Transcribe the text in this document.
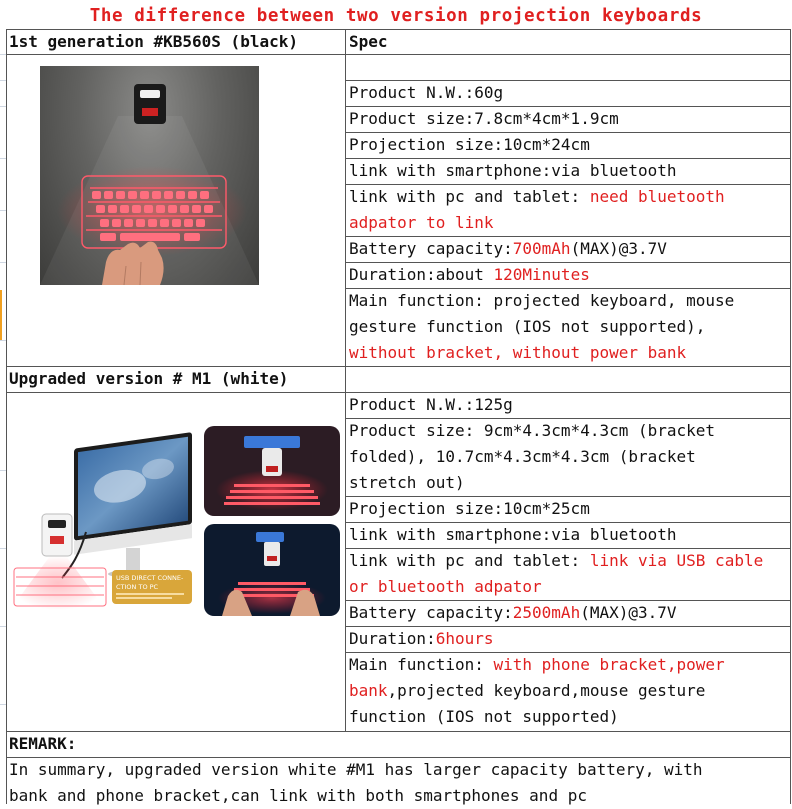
The difference between two version projection keyboards
1st generation #KB560S (black)	Spec
Product N.W.:60g
Product size:7.8cm*4cm*1.9cm
Projection size:10cm*24cm
link with smartphone:via bluetooth
link with pc and tablet: need bluetooth
adpator to link
Battery capacity:700mAh(MAX)@3.7V
Duration:about 120Minutes
Main function: projected keyboard, mouse
gesture function (IOS not supported),
without bracket, without power bank
Upgraded version # M1 (white)
USB DIRECT CONNE-
CTION TO PC
Product N.W.:125g
Product size: 9cm*4.3cm*4.3cm (bracket
folded), 10.7cm*4.3cm*4.3cm (bracket
stretch out)
Projection size:10cm*25cm
link with smartphone:via bluetooth
link with pc and tablet: link via USB cable
or bluetooth adpator
Battery capacity:2500mAh(MAX)@3.7V
Duration:6hours
Main function: with phone bracket,power
bank,projected keyboard,mouse gesture
function (IOS not supported)
REMARK:
In summary, upgraded version white #M1 has larger capacity battery, with
bank and phone bracket,can link with both smartphones and pc
